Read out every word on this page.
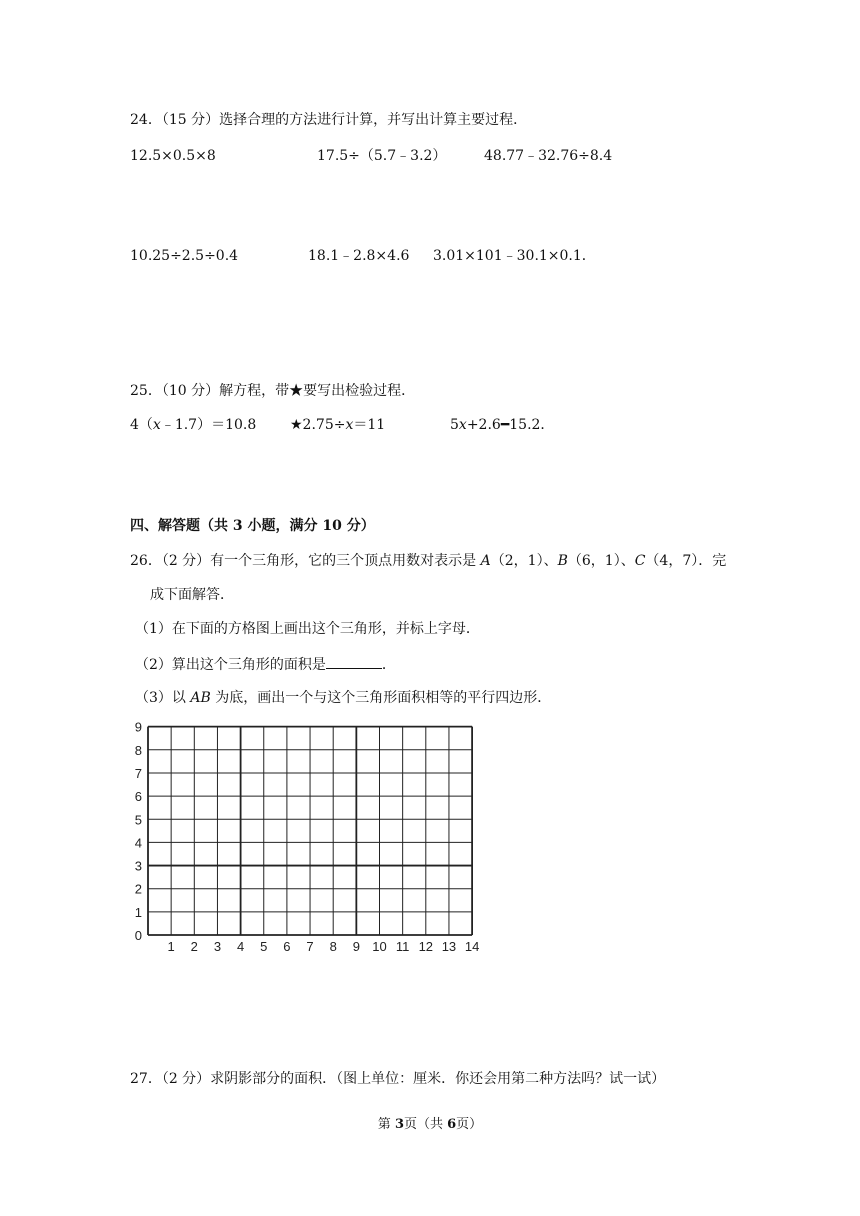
24．（15 分）选择合理的方法进行计算，并写出计算主要过程．
12.5×0.5×8	17.5÷（5.7﹣3.2）	48.77﹣32.76÷8.4
10.25÷2.5÷0.4	18.1﹣2.8×4.6 3.01×101﹣30.1×0.1．
25．（10 分）解方程，带★要写出检验过程．
4（x﹣1.7）＝10.8 ★2.75÷x＝11	5x+2.6━15.2．
四、解答题（共 3 小题，满分 10 分）
26．（2 分）有一个三角形，它的三个顶点用数对表示是 A（2，1）、B（6，1）、C（4，7）．完
成下面解答．
（1）在下面的方格图上画出这个三角形，并标上字母．
（2）算出这个三角形的面积是	．
（3）以 AB 为底，画出一个与这个三角形面积相等的平行四边形．
1 2 3 4 5 6 7 8 9 10 11 12 13 14
0
1
2
3
4
5
6
7
8
9
27．（2 分）求阴影部分的面积．（图上单位：厘米．你还会用第二种方法吗？试一试）
第 3页（共 6页）
